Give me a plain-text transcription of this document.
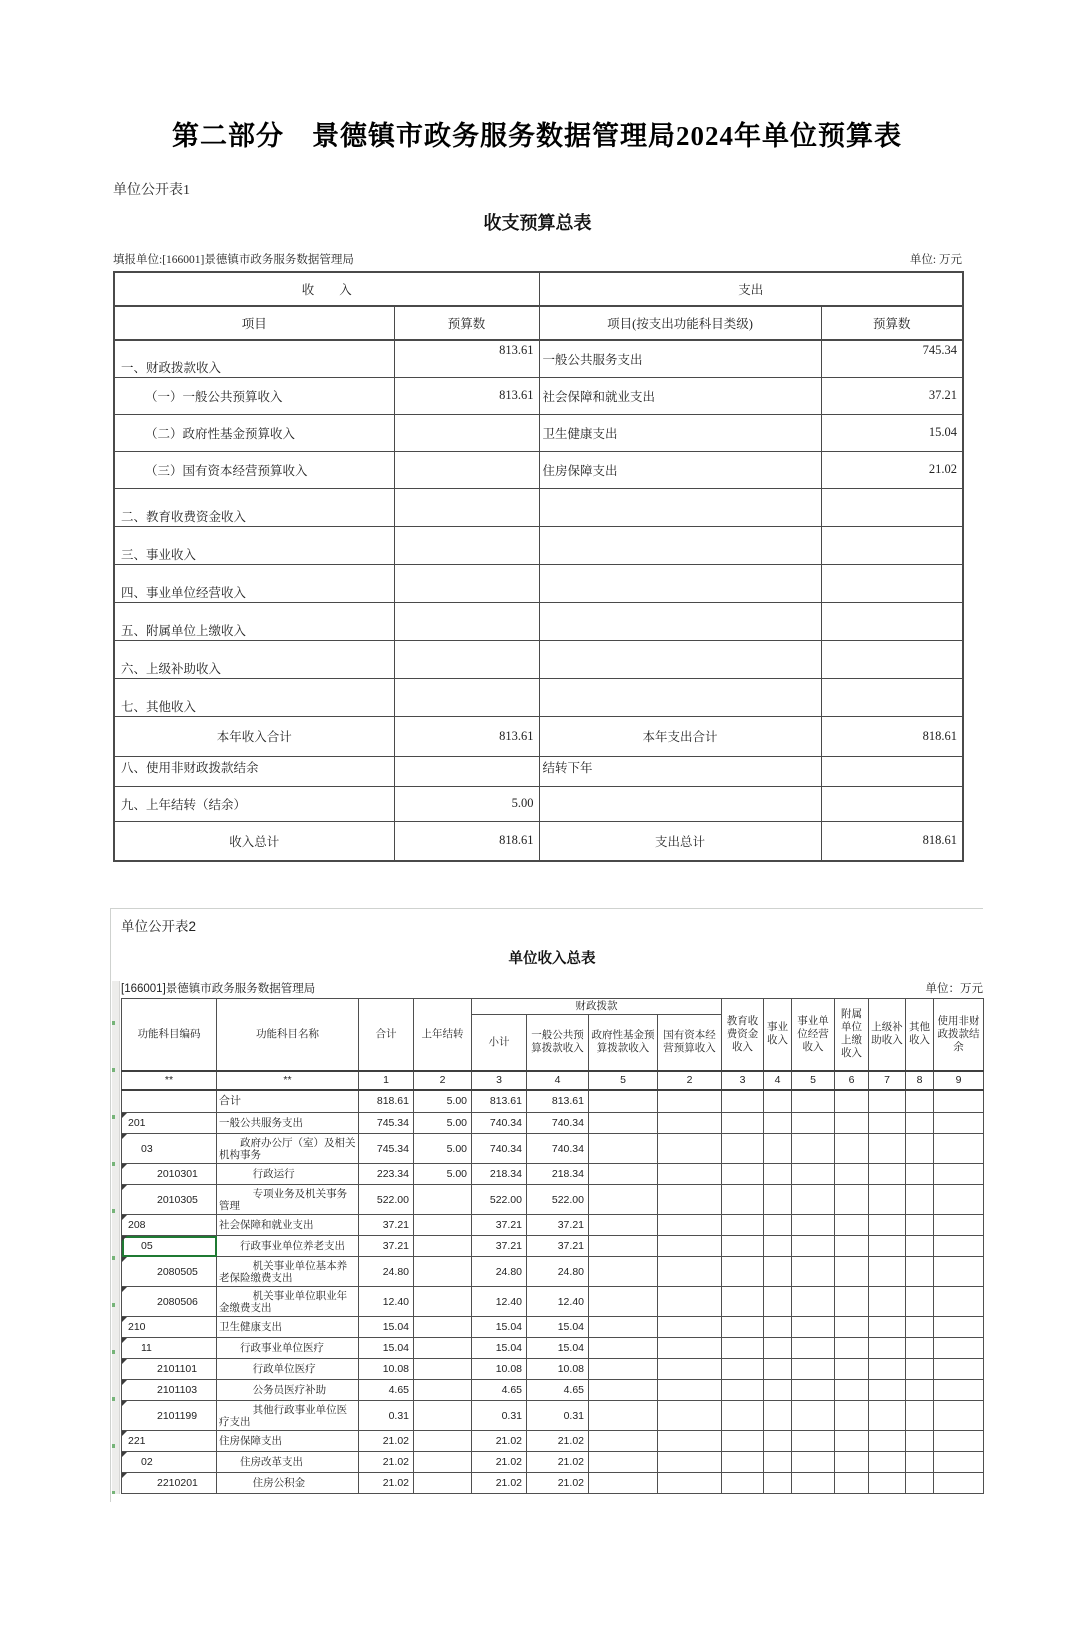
第二部分　景德镇市政务服务数据管理局2024年单位预算表
单位公开表1
收支预算总表
填报单位:[166001]景德镇市政务服务数据管理局	单位: 万元
收　　入		支出	
项目	预算数	项目(按支出功能科目类级)	预算数
一、财政拨款收入	813.61	一般公共服务支出	745.34
（一）一般公共预算收入	813.61	社会保障和就业支出	37.21
（二）政府性基金预算收入		卫生健康支出	15.04
（三）国有资本经营预算收入		住房保障支出	21.02
二、教育收费资金收入			
三、事业收入			
四、事业单位经营收入			
五、附属单位上缴收入			
六、上级补助收入			
七、其他收入			
本年收入合计	813.61	本年支出合计	818.61
八、使用非财政拨款结余		结转下年	
九、上年结转（结余）	5.00		
收入总计	818.61	支出总计	818.61
单位公开表2
单位收入总表
[166001]景德镇市政务服务数据管理局	单位：万元
功能科目编码	功能科目名称	合计	上年结转	财政拨款				教育收费资金收入	事业收入	事业单位经营收入	附属单位上缴收入	上级补助收入	其他收入	使用非财政拨款结余
				小计	一般公共预算拨款收入	政府性基金预算拨款收入	国有资本经营预算收入							
**	**	1	2	3	4	5	2	3	4	5	6	7	8	9
	合计	818.61	5.00	813.61	813.61									
201	一般公共服务支出	745.34	5.00	740.34	740.34									
03	政府办公厅（室）及相关机构事务	745.34	5.00	740.34	740.34									
2010301	行政运行	223.34	5.00	218.34	218.34									
2010305	专项业务及机关事务管理	522.00		522.00	522.00									
208	社会保障和就业支出	37.21		37.21	37.21									
05	行政事业单位养老支出	37.21		37.21	37.21									
2080505	机关事业单位基本养老保险缴费支出	24.80		24.80	24.80									
2080506	机关事业单位职业年金缴费支出	12.40		12.40	12.40									
210	卫生健康支出	15.04		15.04	15.04									
11	行政事业单位医疗	15.04		15.04	15.04									
2101101	行政单位医疗	10.08		10.08	10.08									
2101103	公务员医疗补助	4.65		4.65	4.65									
2101199	其他行政事业单位医疗支出	0.31		0.31	0.31									
221	住房保障支出	21.02		21.02	21.02									
02	住房改革支出	21.02		21.02	21.02									
2210201	住房公积金	21.02		21.02	21.02									
